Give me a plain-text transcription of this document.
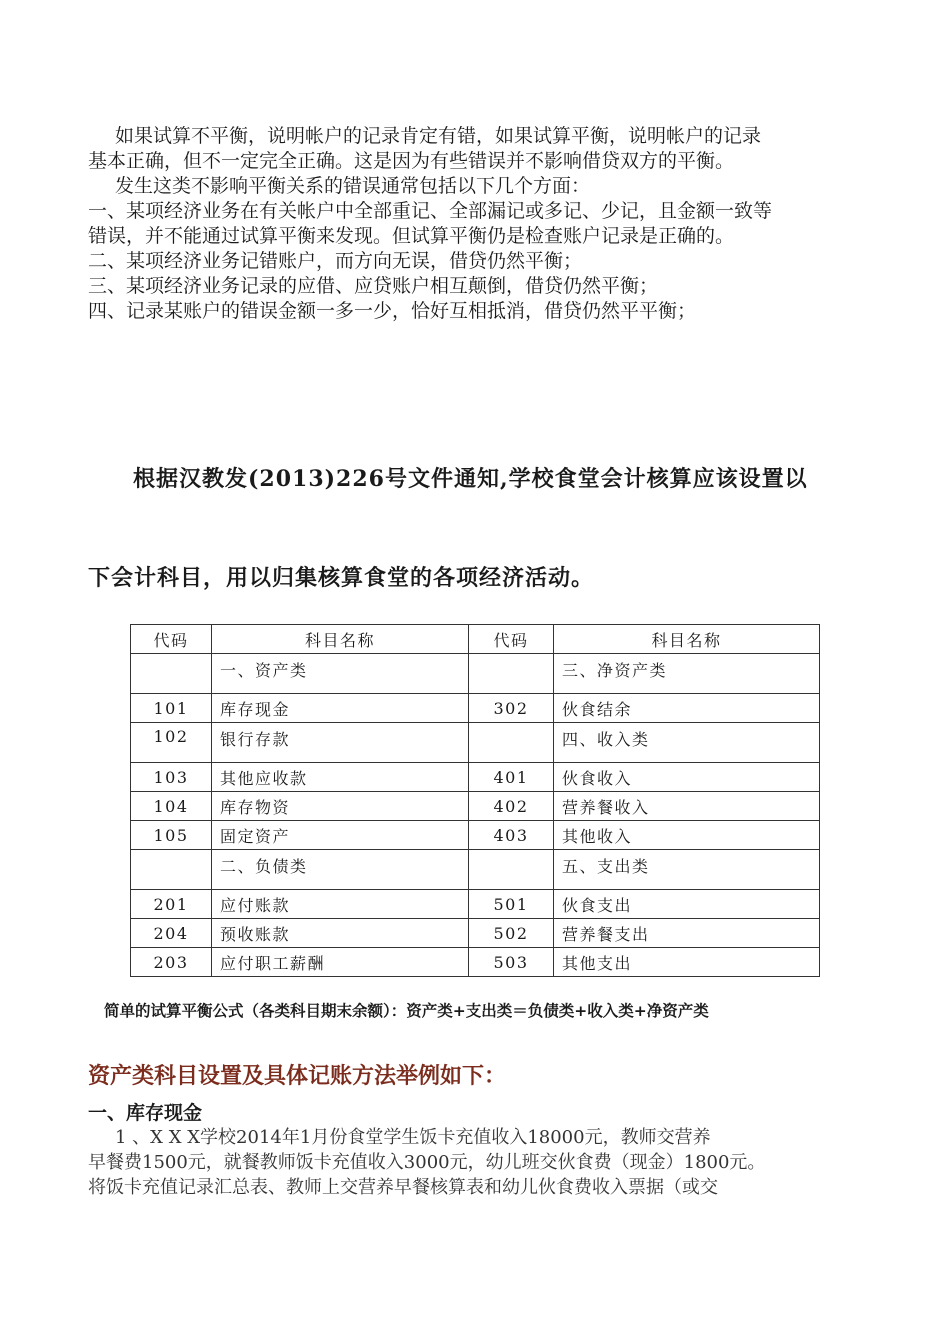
如果试算不平衡，说明帐户的记录肯定有错，如果试算平衡，说明帐户的记录

基本正确，但不一定完全正确。这是因为有些错误并不影响借贷双方的平衡。

发生这类不影响平衡关系的错误通常包括以下几个方面：

一、某项经济业务在有关帐户中全部重记、全部漏记或多记、少记，且金额一致等

错误，并不能通过试算平衡来发现。但试算平衡仍是检查账户记录是正确的。

二、某项经济业务记错账户，而方向无误，借贷仍然平衡；

三、某项经济业务记录的应借、应贷账户相互颠倒，借贷仍然平衡；

四、记录某账户的错误金额一多一少，恰好互相抵消，借贷仍然平平衡；

根据汉教发(2013)226号文件通知,学校食堂会计核算应该设置以
下会计科目，用以归集核算食堂的各项经济活动。
代码	科目名称	代码	科目名称
	一、资产类		三、净资产类
101	库存现金	302	伙食结余
102	银行存款		四、收入类
103	其他应收款	401	伙食收入
104	库存物资	402	营养餐收入
105	固定资产	403	其他收入
	二、负债类		五、支出类
201	应付账款	501	伙食支出
204	预收账款	502	营养餐支出
203	应付职工薪酬	503	其他支出
简单的试算平衡公式（各类科目期末余额）：资产类+支出类＝负债类+收入类+净资产类
资产类科目设置及具体记账方法举例如下：
一、库存现金

1 、X X X学校2014年1月份食堂学生饭卡充值收入18000元，教师交营养

早餐费1500元，就餐教师饭卡充值收入3000元，幼儿班交伙食费（现金）1800元。

将饭卡充值记录汇总表、教师上交营养早餐核算表和幼儿伙食费收入票据（或交
